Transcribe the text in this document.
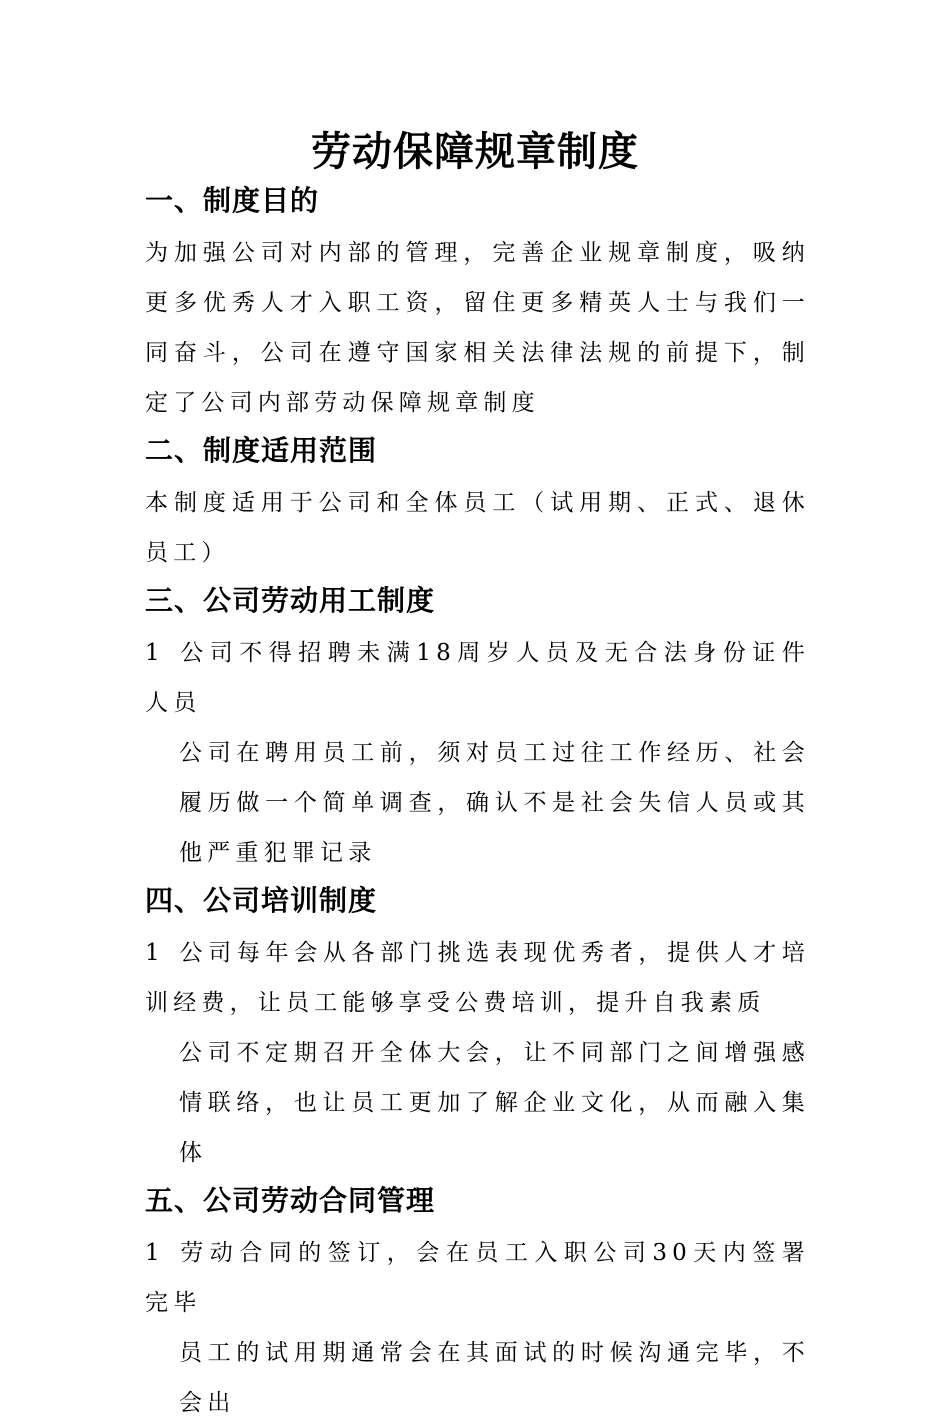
劳动保障规章制度
一、制度目的

为加强公司对内部的管理，完善企业规章制度，吸纳更多优秀人才入职工资，留住更多精英人士与我们一同奋斗，公司在遵守国家相关法律法规的前提下，制定了公司内部劳动保障规章制度

二、制度适用范围

本制度适用于公司和全体员工（试用期、正式、退休员工）

三、公司劳动用工制度

1 公司不得招聘未满18周岁人员及无合法身份证件人员

公司在聘用员工前，须对员工过往工作经历、社会履历做一个简单调查，确认不是社会失信人员或其他严重犯罪记录

四、公司培训制度

1 公司每年会从各部门挑选表现优秀者，提供人才培训经费，让员工能够享受公费培训，提升自我素质

公司不定期召开全体大会，让不同部门之间增强感情联络，也让员工更加了解企业文化，从而融入集体

五、公司劳动合同管理

1 劳动合同的签订，会在员工入职公司30天内签署完毕

员工的试用期通常会在其面试的时候沟通完毕，不会出
